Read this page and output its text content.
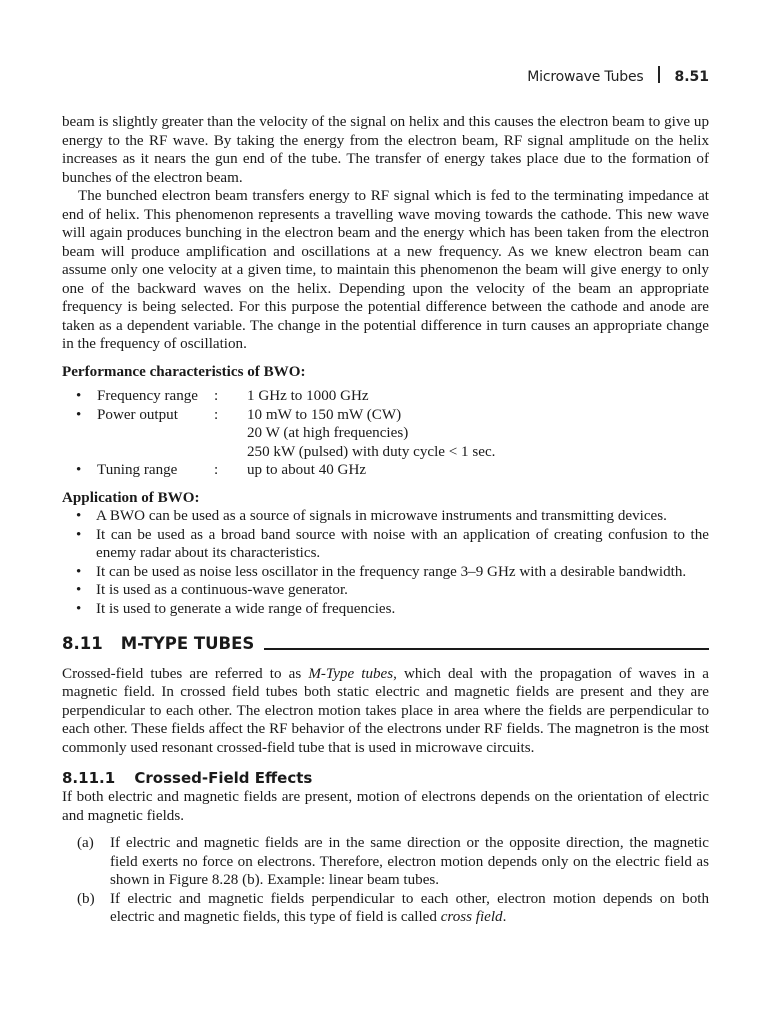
Microwave Tubes 8.51

beam is slightly greater than the velocity of the signal on helix and this causes the electron beam to give up energy to the RF wave. By taking the energy from the electron beam, RF signal amplitude on the helix increases as it nears the gun end of the tube. The transfer of energy takes place due to the formation of bunches of the electron beam.

The bunched electron beam transfers energy to RF signal which is fed to the terminating impedance at end of helix. This phenomenon represents a travelling wave moving towards the cathode. This new wave will again produces bunching in the electron beam and the energy which has been taken from the electron beam will produce amplification and oscillations at a new frequency. As we knew electron beam can assume only one velocity at a given time, to maintain this phenomenon the beam will give energy to only one of the backward waves on the helix. Depending upon the velocity of the beam an appropriate frequency is being selected. For this purpose the potential difference between the cathode and anode are taken as a dependent variable. The change in the potential difference in turn causes an appropriate change in the frequency of oscillation.

Performance characteristics of BWO:

•	Frequency range	:	1 GHz to 1000 GHz

•	Power output	:	10 mW to 150 mW (CW)
20 W (at high frequencies)
250 kW (pulsed) with duty cycle < 1 sec.

•	Tuning range	:	up to about 40 GHz

Application of BWO:

• A BWO can be used as a source of signals in microwave instruments and transmitting devices.
• It can be used as a broad band source with noise with an application of creating confusion to the enemy radar about its characteristics.
• It can be used as noise less oscillator in the frequency range 3–9 GHz with a desirable bandwidth.
• It is used as a continuous-wave generator.
• It is used to generate a wide range of frequencies.
8.11 M-TYPE TUBES

Crossed-field tubes are referred to as M-Type tubes, which deal with the propagation of waves in a magnetic field. In crossed field tubes both static electric and magnetic fields are present and they are perpendicular to each other. The electron motion takes place in area where the fields are perpendicular to each other. These fields affect the RF behavior of the electrons under RF fields. The magnetron is the most commonly used resonant crossed-field tube that is used in microwave circuits.

8.11.1 Crossed-Field Effects

If both electric and magnetic fields are present, motion of electrons depends on the orientation of electric and magnetic fields.

(a) If electric and magnetic fields are in the same direction or the opposite direction, the magnetic field exerts no force on electrons. Therefore, electron motion depends only on the electric field as shown in Figure 8.28 (b). Example: linear beam tubes.
(b) If electric and magnetic fields perpendicular to each other, electron motion depends on both electric and magnetic fields, this type of field is called cross field.
